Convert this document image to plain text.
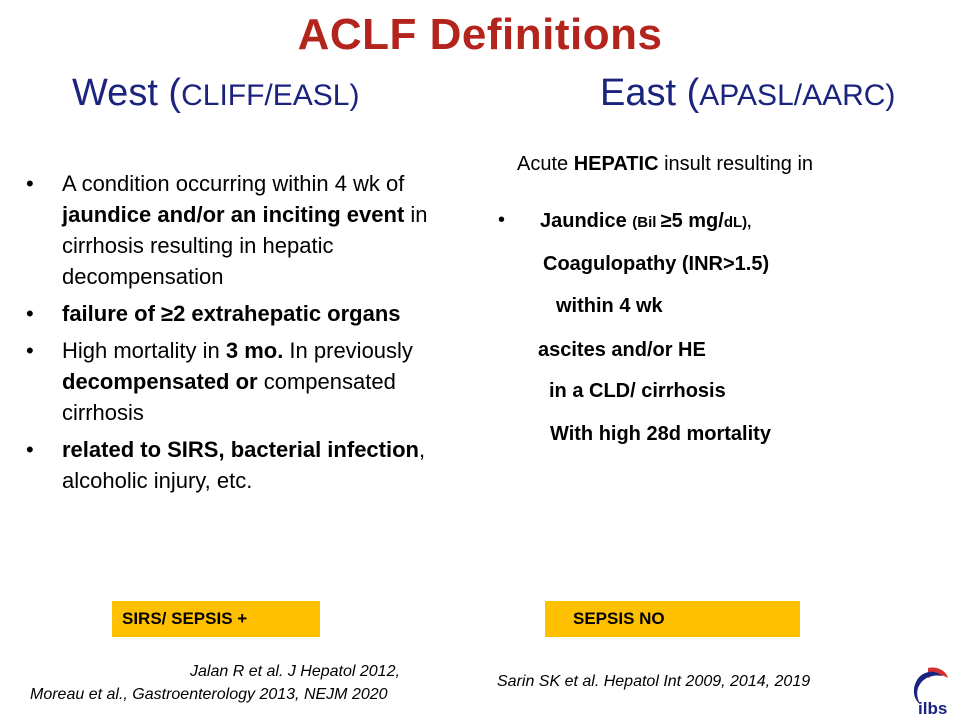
ACLF Definitions
West (CLIFF/EASL)	East (APASL/AARC)
• A condition occurring within 4 wk of jaundice and/or an inciting event in cirrhosis resulting in hepatic decompensation
• failure of ≥2 extrahepatic organs
• High mortality in 3 mo. In previously decompensated or compensated cirrhosis
• related to SIRS, bacterial infection, alcoholic injury, etc.
Acute HEPATIC insult resulting in
• Jaundice (Bil ≥5 mg/dL),
Coagulopathy (INR>1.5)
within 4 wk
ascites and/or HE
in a CLD/ cirrhosis
With high 28d mortality
SIRS/ SEPSIS +	SEPSIS NO
Jalan R et al. J Hepatol 2012,
Moreau et al., Gastroenterology 2013, NEJM 2020
Sarin SK et al. Hepatol Int 2009, 2014, 2019
ilbs
